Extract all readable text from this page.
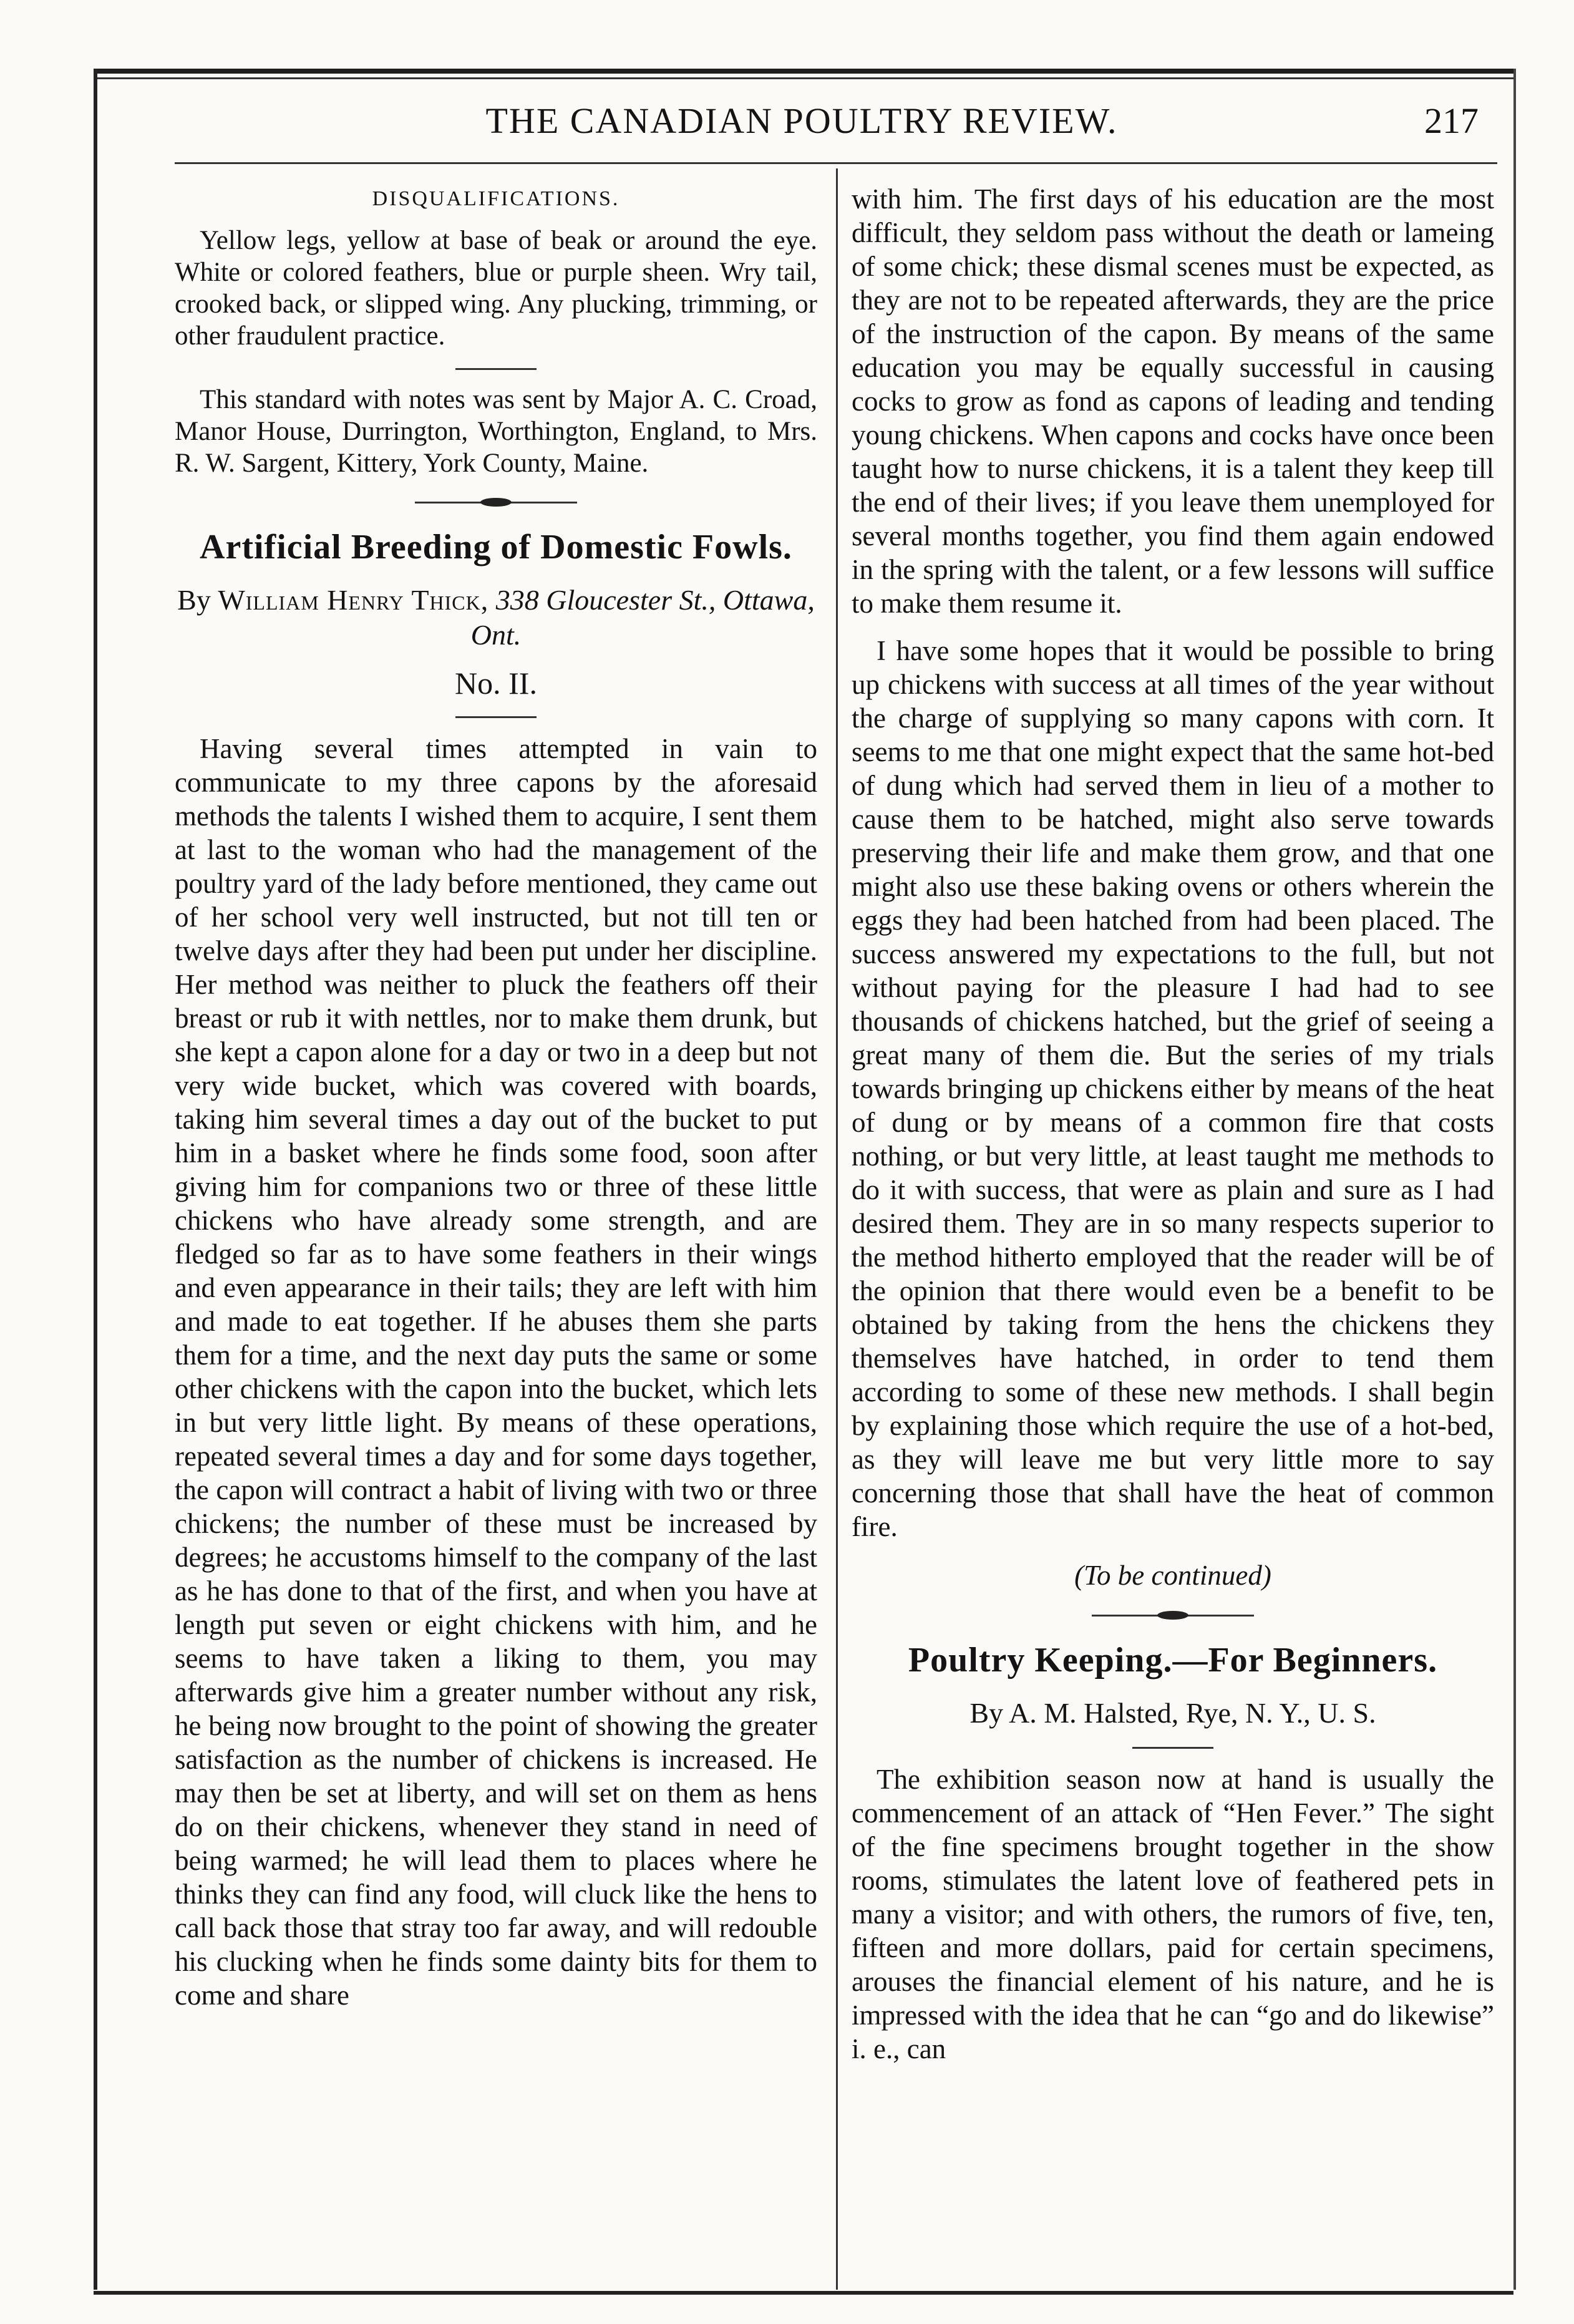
THE CANADIAN POULTRY REVIEW.	217
DISQUALIFICATIONS.

Yellow legs, yellow at base of beak or around the eye. White or colored feathers, blue or purple sheen. Wry tail, crooked back, or slipped wing. Any plucking, trimming, or other fraudulent practice.

This standard with notes was sent by Major A. C. Croad, Manor House, Durrington, Worthington, England, to Mrs. R. W. Sargent, Kittery, York County, Maine.

Artificial Breeding of Domestic Fowls.
By William Henry Thick, 338 Gloucester St., Ottawa, Ont.
No. II.

Having several times attempted in vain to communicate to my three capons by the aforesaid methods the talents I wished them to acquire, I sent them at last to the woman who had the management of the poultry yard of the lady before mentioned, they came out of her school very well instructed, but not till ten or twelve days after they had been put under her discipline. Her method was neither to pluck the feathers off their breast or rub it with nettles, nor to make them drunk, but she kept a capon alone for a day or two in a deep but not very wide bucket, which was covered with boards, taking him several times a day out of the bucket to put him in a basket where he finds some food, soon after giving him for companions two or three of these little chickens who have already some strength, and are fledged so far as to have some feathers in their wings and even appearance in their tails; they are left with him and made to eat together. If he abuses them she parts them for a time, and the next day puts the same or some other chickens with the capon into the bucket, which lets in but very little light. By means of these operations, repeated several times a day and for some days together, the capon will contract a habit of living with two or three chickens; the number of these must be increased by degrees; he accustoms himself to the company of the last as he has done to that of the first, and when you have at length put seven or eight chickens with him, and he seems to have taken a liking to them, you may afterwards give him a greater number without any risk, he being now brought to the point of showing the greater satisfaction as the number of chickens is increased. He may then be set at liberty, and will set on them as hens do on their chickens, whenever they stand in need of being warmed; he will lead them to places where he thinks they can find any food, will cluck like the hens to call back those that stray too far away, and will redouble his clucking when he finds some dainty bits for them to come and share

with him. The first days of his education are the most difficult, they seldom pass without the death or lameing of some chick; these dismal scenes must be expected, as they are not to be repeated afterwards, they are the price of the instruction of the capon. By means of the same education you may be equally successful in causing cocks to grow as fond as capons of leading and tending young chickens. When capons and cocks have once been taught how to nurse chickens, it is a talent they keep till the end of their lives; if you leave them unemployed for several months together, you find them again endowed in the spring with the talent, or a few lessons will suffice to make them resume it.

I have some hopes that it would be possible to bring up chickens with success at all times of the year without the charge of supplying so many capons with corn. It seems to me that one might expect that the same hot-bed of dung which had served them in lieu of a mother to cause them to be hatched, might also serve towards preserving their life and make them grow, and that one might also use these baking ovens or others wherein the eggs they had been hatched from had been placed. The success answered my expectations to the full, but not without paying for the pleasure I had had to see thousands of chickens hatched, but the grief of seeing a great many of them die. But the series of my trials towards bringing up chickens either by means of the heat of dung or by means of a common fire that costs nothing, or but very little, at least taught me methods to do it with success, that were as plain and sure as I had desired them. They are in so many respects superior to the method hitherto employed that the reader will be of the opinion that there would even be a benefit to be obtained by taking from the hens the chickens they themselves have hatched, in order to tend them according to some of these new methods. I shall begin by explaining those which require the use of a hot-bed, as they will leave me but very little more to say concerning those that shall have the heat of common fire.

(To be continued)
Poultry Keeping.—For Beginners.
By A. M. Halsted, Rye, N. Y., U. S.

The exhibition season now at hand is usually the commencement of an attack of “Hen Fever.” The sight of the fine specimens brought together in the show rooms, stimulates the latent love of feathered pets in many a visitor; and with others, the rumors of five, ten, fifteen and more dollars, paid for certain specimens, arouses the financial element of his nature, and he is impressed with the idea that he can “go and do likewise” i. e., can
